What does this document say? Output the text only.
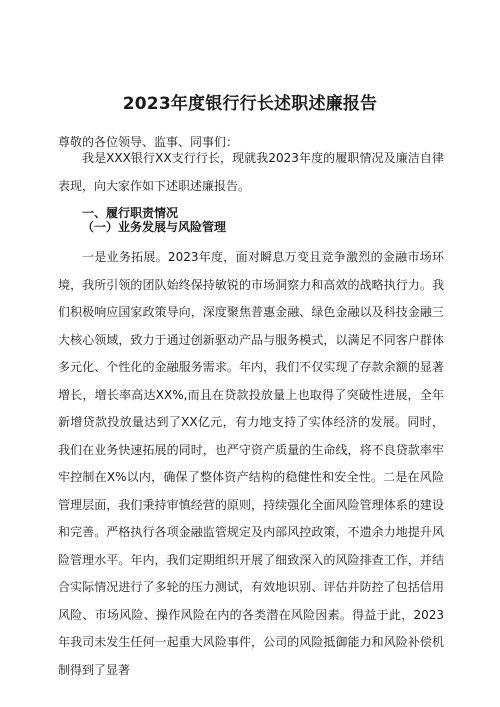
2023年度银行行长述职述廉报告
尊敬的各位领导、监事、同事们：

我是XXX银行XX支行行长，现就我2023年度的履职情况及廉洁自律表现，向大家作如下述职述廉报告。

一、履行职责情况
（一）业务发展与风险管理

一是业务拓展。2023年度，面对瞬息万变且竞争激烈的金融市场环境，我所引领的团队始终保持敏锐的市场洞察力和高效的战略执行力。我们积极响应国家政策导向，深度聚焦普惠金融、绿色金融以及科技金融三大核心领域，致力于通过创新驱动产品与服务模式，以满足不同客户群体多元化、个性化的金融服务需求。年内，我们不仅实现了存款余额的显著增长，增长率高达XX%,而且在贷款投放量上也取得了突破性进展，全年新增贷款投放量达到了XX亿元，有力地支持了实体经济的发展。同时，我们在业务快速拓展的同时，也严守资产质量的生命线，将不良贷款率牢牢控制在X%以内，确保了整体资产结构的稳健性和安全性。二是在风险管理层面，我们秉持审慎经营的原则，持续强化全面风险管理体系的建设和完善。严格执行各项金融监管规定及内部风控政策，不遗余力地提升风险管理水平。年内，我们定期组织开展了细致深入的风险排查工作，并结合实际情况进行了多轮的压力测试，有效地识别、评估并防控了包括信用风险、市场风险、操作风险在内的各类潜在风险因素。得益于此，2023年我司未发生任何一起重大风险事件，公司的风险抵御能力和风险补偿机制得到了显著
